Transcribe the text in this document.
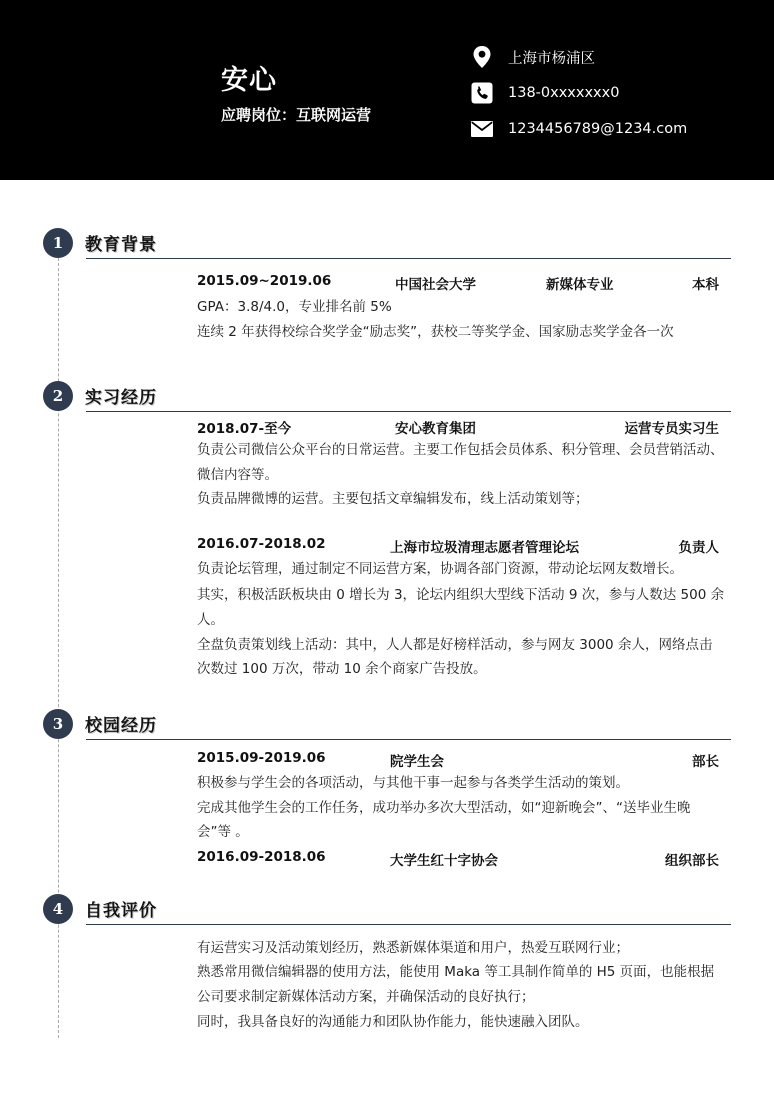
安心
应聘岗位：互联网运营
上海市杨浦区
138-0xxxxxxx0
1234456789@1234.com
1	教育背景
2015.09~2019.06	中国社会大学	新媒体专业	本科
GPA：3.8/4.0，专业排名前 5%
连续 2 年获得校综合奖学金“励志奖”，获校二等奖学金、国家励志奖学金各一次
2	实习经历
2018.07-至今	安心教育集团	运营专员实习生
负责公司微信公众平台的日常运营。主要工作包括会员体系、积分管理、会员营销活动、
微信内容等。
负责品牌微博的运营。主要包括文章编辑发布，线上活动策划等；
2016.07-2018.02	上海市垃圾清理志愿者管理论坛	负责人
负责论坛管理，通过制定不同运营方案，协调各部门资源，带动论坛网友数增长。
其实，积极活跃板块由 0 增长为 3，论坛内组织大型线下活动 9 次，参与人数达 500 余
人。
全盘负责策划线上活动：其中，人人都是好榜样活动，参与网友 3000 余人，网络点击
次数过 100 万次，带动 10 余个商家广告投放。
3	校园经历
2015.09-2019.06	院学生会	部长
积极参与学生会的各项活动，与其他干事一起参与各类学生活动的策划。
完成其他学生会的工作任务，成功举办多次大型活动，如“迎新晚会”、“送毕业生晚
会”等 。
2016.09-2018.06	大学生红十字协会	组织部长
4	自我评价
有运营实习及活动策划经历，熟悉新媒体渠道和用户，热爱互联网行业；
熟悉常用微信编辑器的使用方法，能使用 Maka 等工具制作简单的 H5 页面，也能根据
公司要求制定新媒体活动方案，并确保活动的良好执行；
同时，我具备良好的沟通能力和团队协作能力，能快速融入团队。
